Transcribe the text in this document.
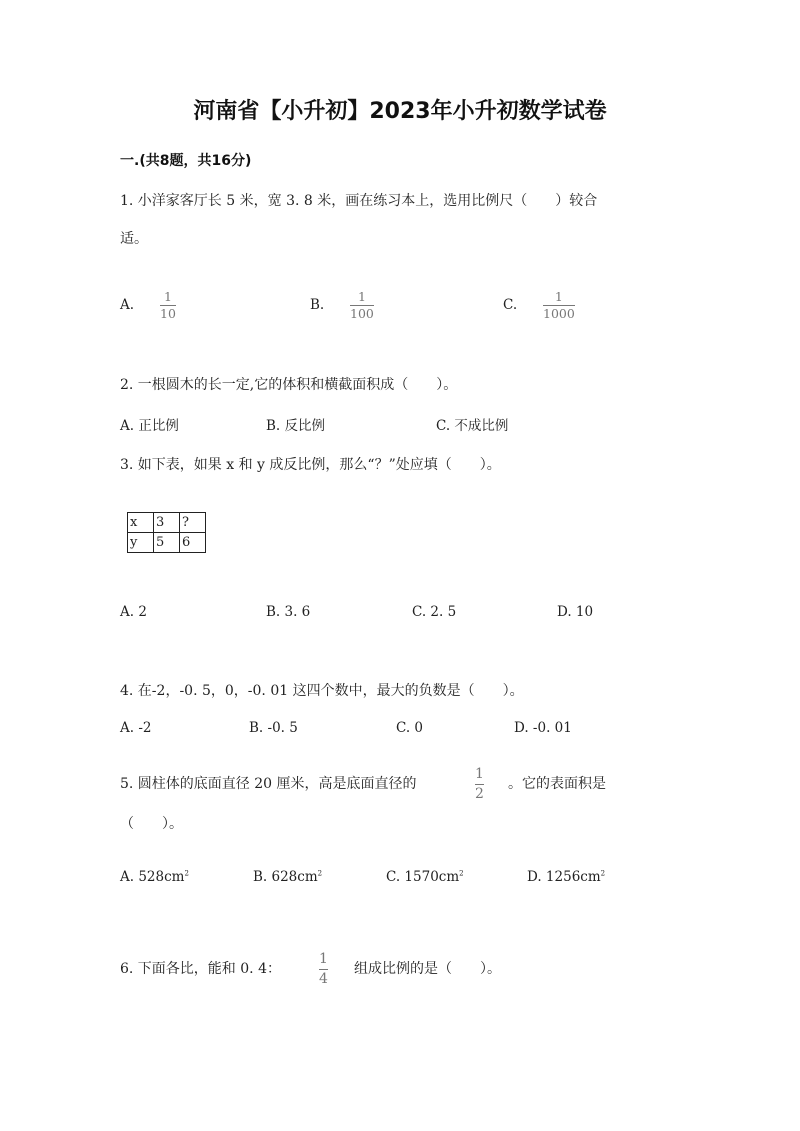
河南省【小升初】2023年小升初数学试卷
一.(共8题，共16分)
1. 小洋家客厅长 5 米，宽 3. 8 米，画在练习本上，选用比例尺（　　）较合
适。
A.
1
10
B.
1
100
C.
1
1000
2. 一根圆木的长一定,它的体积和横截面积成（　　）。
A. 正比例	B. 反比例	C. 不成比例
3. 如下表，如果 x 和 y 成反比例，那么“？”处应填（　　）。
x	3	?
y	5	6
A. 2	B. 3. 6	C. 2. 5	D. 10
4. 在-2，-0. 5，0，-0. 01 这四个数中，最大的负数是（　　）。
A. -2	B. -0. 5	C. 0	D. -0. 01
5. 圆柱体的底面直径 20 厘米，高是底面直径的
1
2
。它的表面积是
（　　）。
A. $528cm^2$	B. $628cm^2$	C. $1570cm^2$	D. $1256cm^2$
6. 下面各比，能和 0. 4：
1
4
组成比例的是（　　）。
